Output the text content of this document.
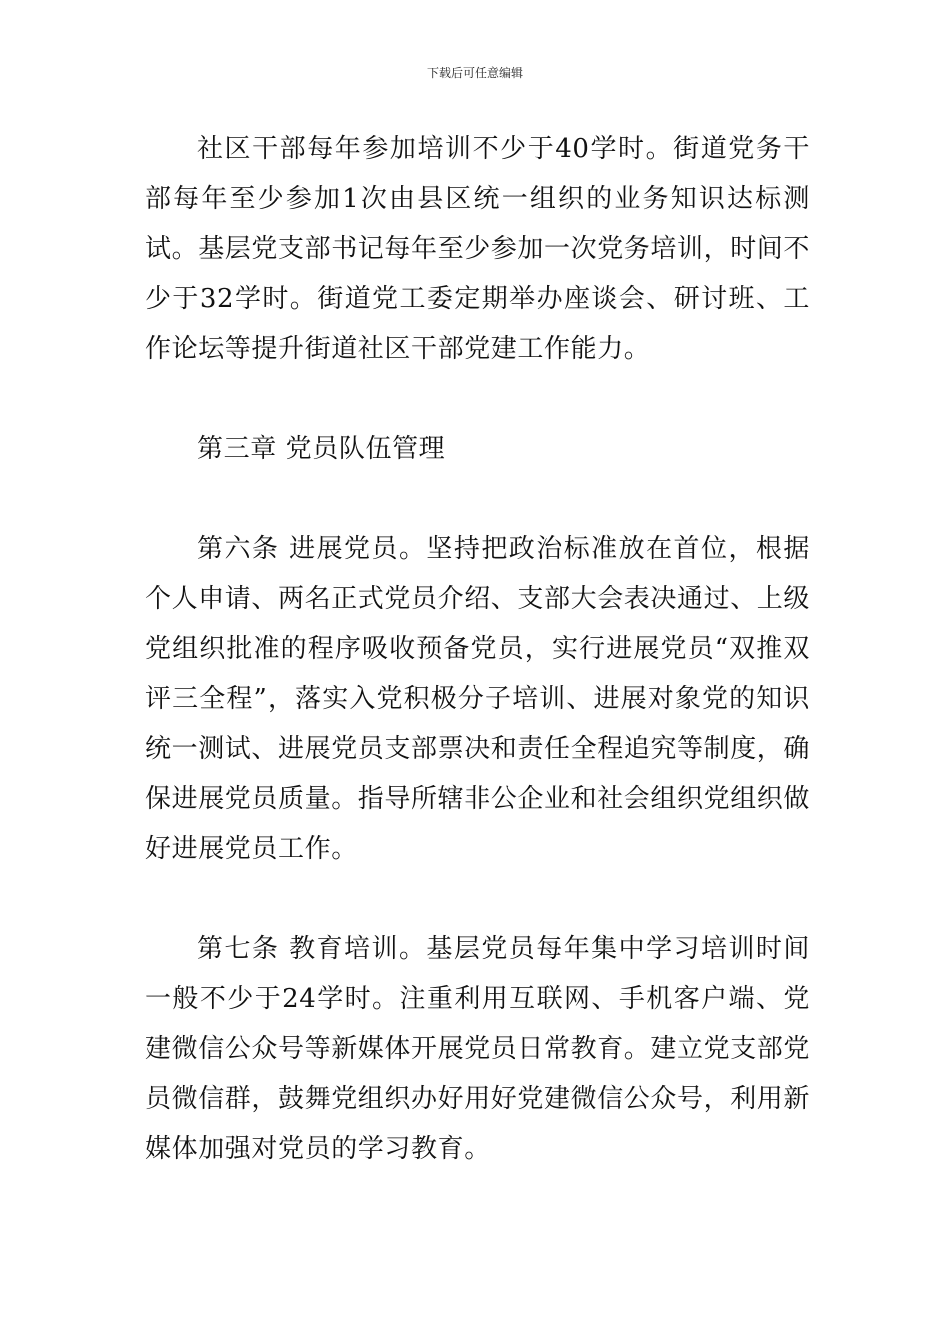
下载后可任意编辑

社区干部每年参加培训不少于40学时。街道党务干部每年至少参加1次由县区统一组织的业务知识达标测试。基层党支部书记每年至少参加一次党务培训，时间不少于32学时。街道党工委定期举办座谈会、研讨班、工作论坛等提升街道社区干部党建工作能力。

第三章 党员队伍管理

第六条 进展党员。坚持把政治标准放在首位，根据个人申请、两名正式党员介绍、支部大会表决通过、上级党组织批准的程序吸收预备党员，实行进展党员“双推双评三全程”，落实入党积极分子培训、进展对象党的知识统一测试、进展党员支部票决和责任全程追究等制度，确保进展党员质量。指导所辖非公企业和社会组织党组织做好进展党员工作。

第七条 教育培训。基层党员每年集中学习培训时间一般不少于24学时。注重利用互联网、手机客户端、党建微信公众号等新媒体开展党员日常教育。建立党支部党员微信群，鼓舞党组织办好用好党建微信公众号，利用新媒体加强对党员的学习教育。
